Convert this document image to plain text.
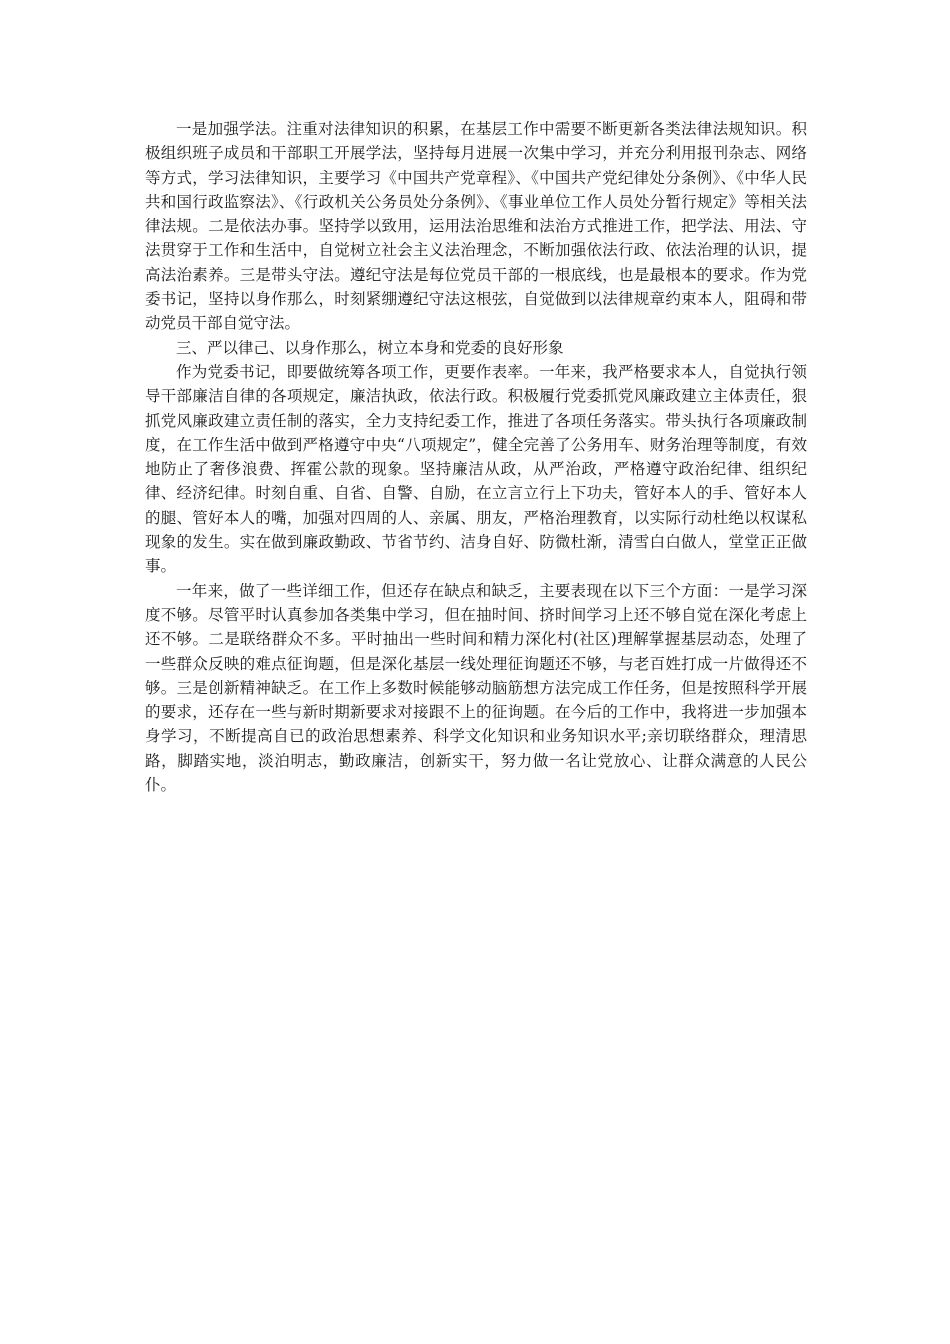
一是加强学法。注重对法律知识的积累，在基层工作中需要不断更新各类法律法规知识。积极组织班子成员和干部职工开展学法，坚持每月进展一次集中学习，并充分利用报刊杂志、网络等方式，学习法律知识，主要学习《中国共产党章程》、《中国共产党纪律处分条例》、《中华人民共和国行政监察法》、《行政机关公务员处分条例》、《事业单位工作人员处分暂行规定》等相关法律法规。二是依法办事。坚持学以致用，运用法治思维和法治方式推进工作，把学法、用法、守法贯穿于工作和生活中，自觉树立社会主义法治理念，不断加强依法行政、依法治理的认识，提高法治素养。三是带头守法。遵纪守法是每位党员干部的一根底线，也是最根本的要求。作为党委书记，坚持以身作那么，时刻紧绷遵纪守法这根弦，自觉做到以法律规章约束本人，阻碍和带动党员干部自觉守法。

三、严以律己、以身作那么，树立本身和党委的良好形象

作为党委书记，即要做统筹各项工作，更要作表率。一年来，我严格要求本人，自觉执行领导干部廉洁自律的各项规定，廉洁执政，依法行政。积极履行党委抓党风廉政建立主体责任，狠抓党风廉政建立责任制的落实，全力支持纪委工作，推进了各项任务落实。带头执行各项廉政制度，在工作生活中做到严格遵守中央“八项规定”，健全完善了公务用车、财务治理等制度，有效地防止了奢侈浪费、挥霍公款的现象。坚持廉洁从政，从严治政，严格遵守政治纪律、组织纪律、经济纪律。时刻自重、自省、自警、自励，在立言立行上下功夫，管好本人的手、管好本人的腿、管好本人的嘴，加强对四周的人、亲属、朋友，严格治理教育，以实际行动杜绝以权谋私现象的发生。实在做到廉政勤政、节省节约、洁身自好、防微杜渐，清雪白白做人，堂堂正正做事。

一年来，做了一些详细工作，但还存在缺点和缺乏，主要表现在以下三个方面：一是学习深度不够。尽管平时认真参加各类集中学习，但在抽时间、挤时间学习上还不够自觉在深化考虑上还不够。二是联络群众不多。平时抽出一些时间和精力深化村(社区)理解掌握基层动态，处理了一些群众反映的难点征询题，但是深化基层一线处理征询题还不够，与老百姓打成一片做得还不够。三是创新精神缺乏。在工作上多数时候能够动脑筋想方法完成工作任务，但是按照科学开展的要求，还存在一些与新时期新要求对接跟不上的征询题。在今后的工作中，我将进一步加强本身学习，不断提高自已的政治思想素养、科学文化知识和业务知识水平;亲切联络群众，理清思路，脚踏实地，淡泊明志，勤政廉洁，创新实干，努力做一名让党放心、让群众满意的人民公仆。
